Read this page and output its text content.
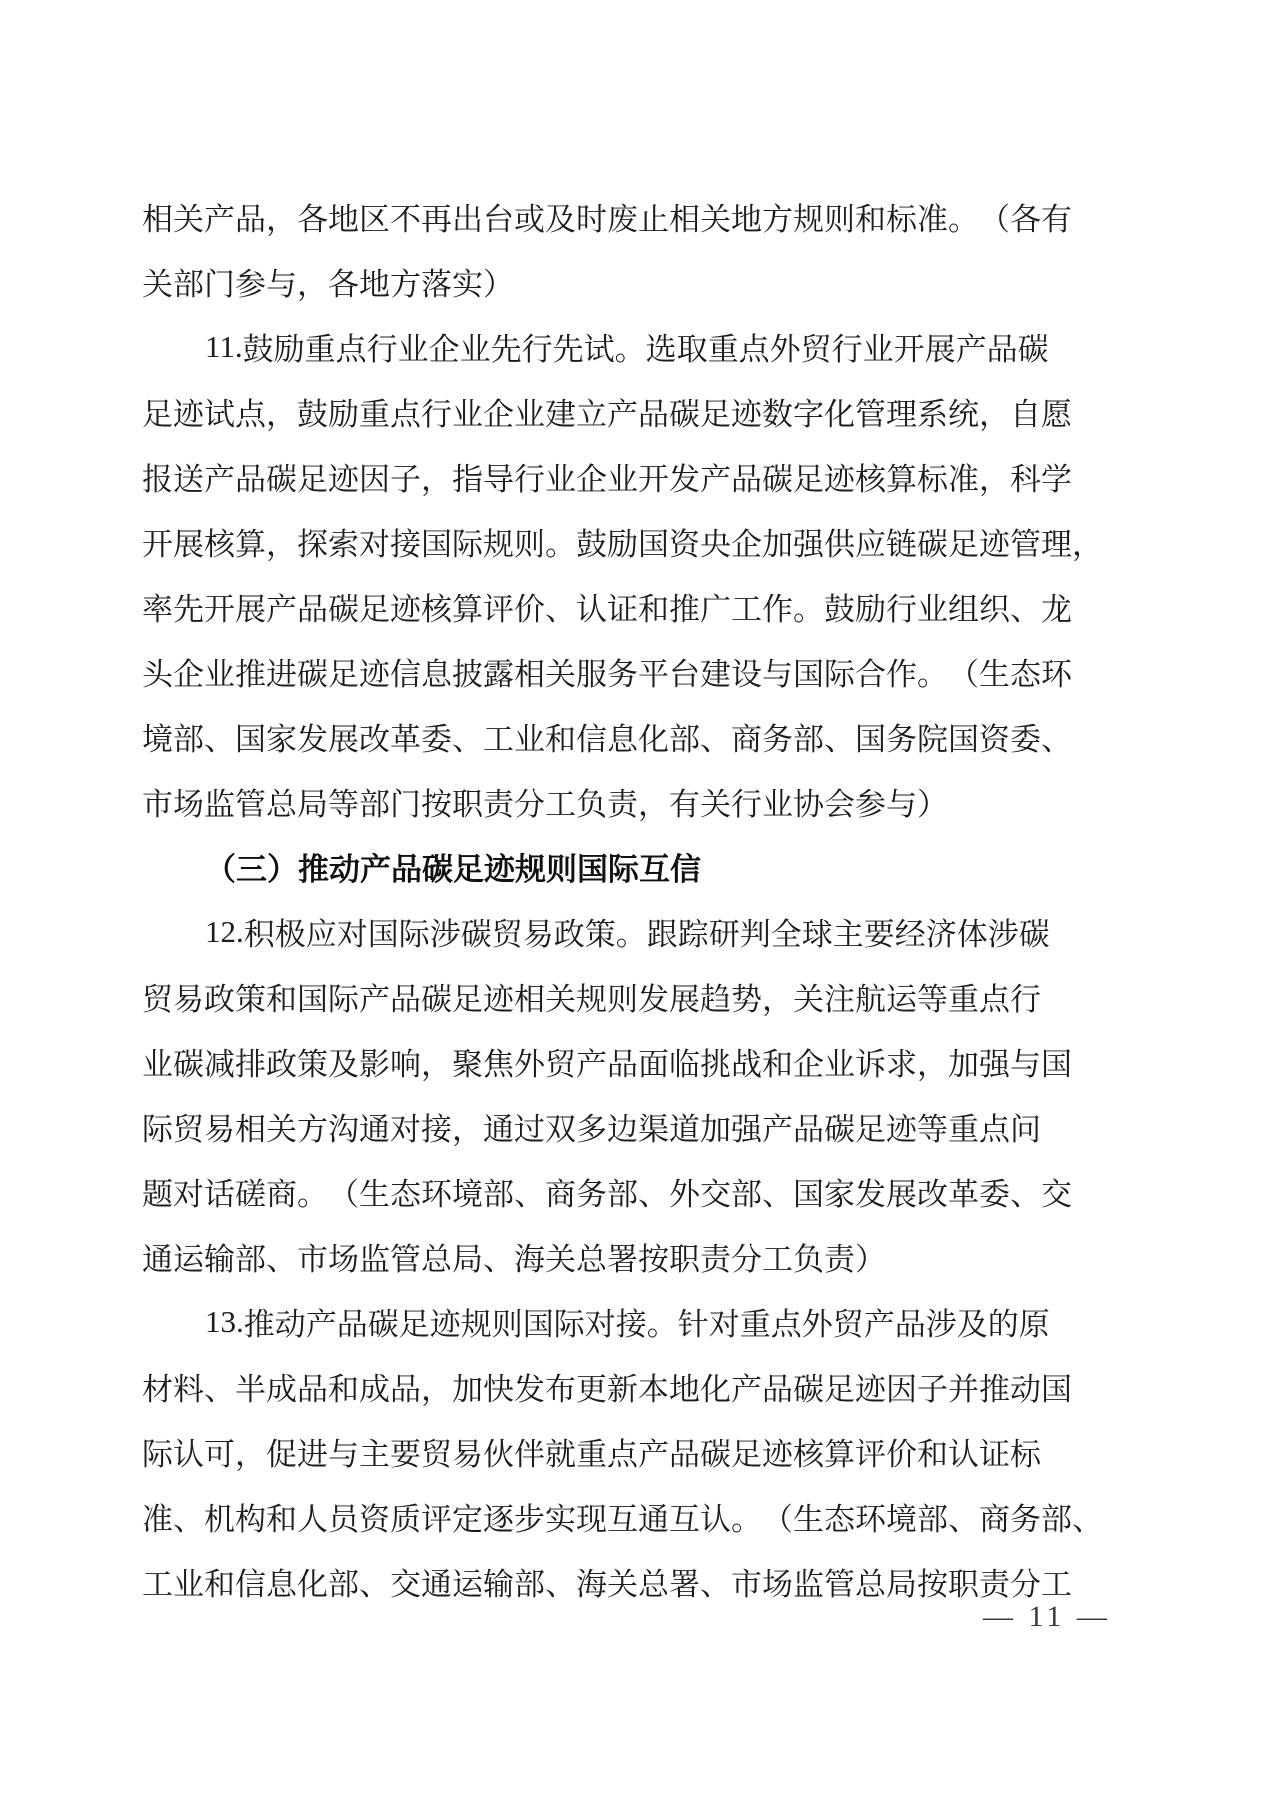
相 关 产 品 ， 各 地 区 不 再 出 台 或 及 时 废 止 相 关 地 方 规 则 和 标 准 。 （ 各 有
关部门参与，各地方落实）
11. 鼓 励 重 点 行 业 企 业 先 行 先 试 。 选 取 重 点 外 贸 行 业 开 展 产 品 碳
足 迹 试 点 ， 鼓 励 重 点 行 业 企 业 建 立 产 品 碳 足 迹 数 字 化 管 理 系 统 ， 自 愿
报 送 产 品 碳 足 迹 因 子 ， 指 导 行 业 企 业 开 发 产 品 碳 足 迹 核 算 标 准 ， 科 学
开 展 核 算 ， 探 索 对 接 国 际 规 则 。 鼓 励 国 资 央 企 加 强 供 应 链 碳 足 迹 管 理 ，
率 先 开 展 产 品 碳 足 迹 核 算 评 价 、 认 证 和 推 广 工 作 。 鼓 励 行 业 组 织 、 龙
头 企 业 推 进 碳 足 迹 信 息 披 露 相 关 服 务 平 台 建 设 与 国 际 合 作 。 （ 生 态 环
境 部 、 国 家 发 展 改 革 委 、 工 业 和 信 息 化 部 、 商 务 部 、 国 务 院 国 资 委 、
市场监管总局等部门按职责分工负责，有关行业协会参与）
（三）推动产品碳足迹规则国际互信
12. 积 极 应 对 国 际 涉 碳 贸 易 政 策 。 跟 踪 研 判 全 球 主 要 经 济 体 涉 碳
贸 易 政 策 和 国 际 产 品 碳 足 迹 相 关 规 则 发 展 趋 势 ， 关 注 航 运 等 重 点 行
业 碳 减 排 政 策 及 影 响 ， 聚 焦 外 贸 产 品 面 临 挑 战 和 企 业 诉 求 ， 加 强 与 国
际 贸 易 相 关 方 沟 通 对 接 ， 通 过 双 多 边 渠 道 加 强 产 品 碳 足 迹 等 重 点 问
题 对 话 磋 商 。 （ 生 态 环 境 部 、 商 务 部 、 外 交 部 、 国 家 发 展 改 革 委 、 交
通运输部、市场监管总局、海关总署按职责分工负责）
13. 推 动 产 品 碳 足 迹 规 则 国 际 对 接 。 针 对 重 点 外 贸 产 品 涉 及 的 原
材 料 、 半 成 品 和 成 品 ， 加 快 发 布 更 新 本 地 化 产 品 碳 足 迹 因 子 并 推 动 国
际 认 可 ， 促 进 与 主 要 贸 易 伙 伴 就 重 点 产 品 碳 足 迹 核 算 评 价 和 认 证 标
准 、 机 构 和 人 员 资 质 评 定 逐 步 实 现 互 通 互 认 。 （ 生 态 环 境 部 、 商 务 部 、
工 业 和 信 息 化 部 、 交 通 运 输 部 、 海 关 总 署 、 市 场 监 管 总 局 按 职 责 分 工
— 11 —
